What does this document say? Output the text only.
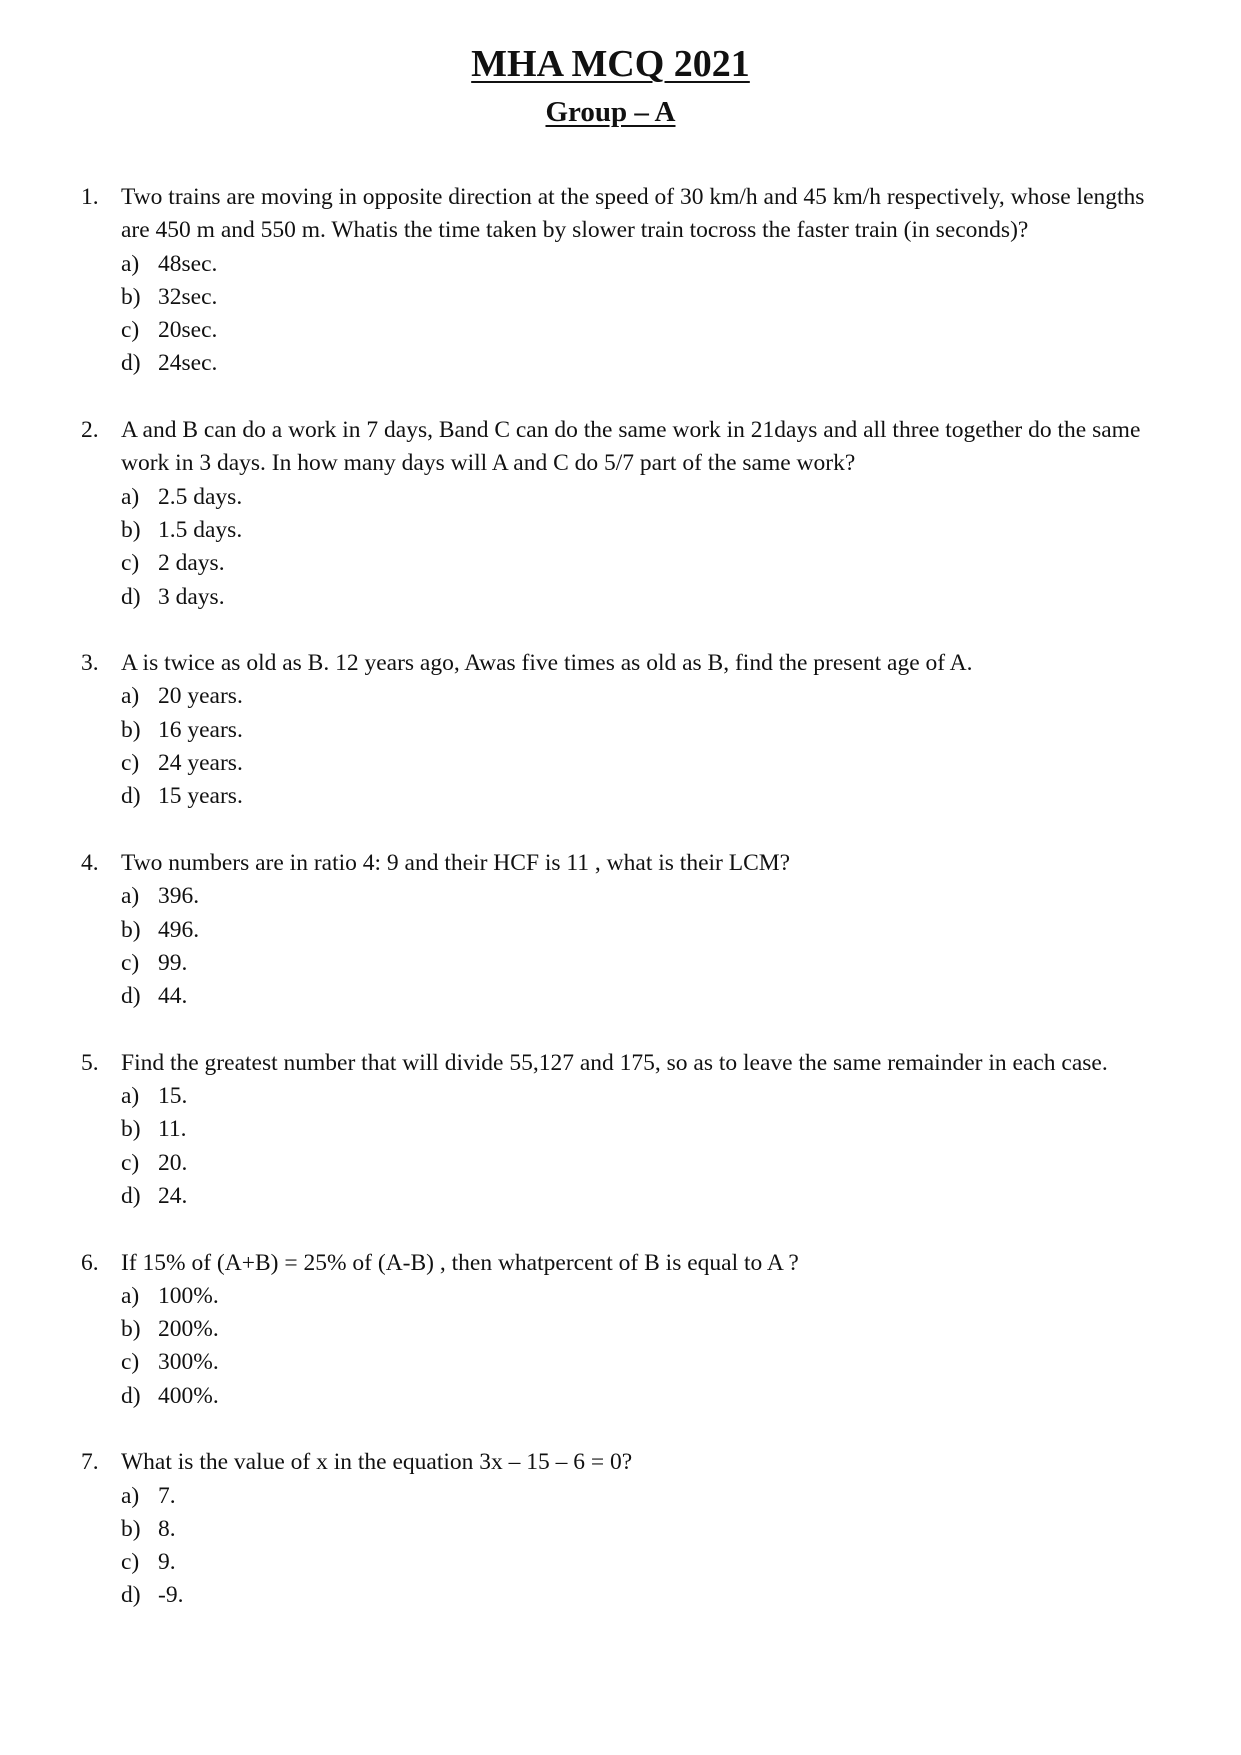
MHA MCQ 2021
Group – A
1. Two trains are moving in opposite direction at the speed of 30 km/h and 45 km/h respectively, whose lengths are 450 m and 550 m. Whatis the time taken by slower train tocross the faster train (in seconds)?
a) 48sec.
b) 32sec.
c) 20sec.
d) 24sec.
2. A and B can do a work in 7 days, Band C can do the same work in 21days and all three together do the same work in 3 days. In how many days will A and C do 5/7 part of the same work?
a) 2.5 days.
b) 1.5 days.
c) 2 days.
d) 3 days.
3. A is twice as old as B. 12 years ago, Awas five times as old as B, find the present age of A.
a) 20 years.
b) 16 years.
c) 24 years.
d) 15 years.
4. Two numbers are in ratio 4: 9 and their HCF is 11 , what is their LCM?
a) 396.
b) 496.
c) 99.
d) 44.
5. Find the greatest number that will divide 55,127 and 175, so as to leave the same remainder in each case.
a) 15.
b) 11.
c) 20.
d) 24.
6. If 15% of (A+B) = 25% of (A-B) , then whatpercent of B is equal to A ?
a) 100%.
b) 200%.
c) 300%.
d) 400%.
7. What is the value of x in the equation 3x – 15 – 6 = 0?
a) 7.
b) 8.
c) 9.
d) -9.
